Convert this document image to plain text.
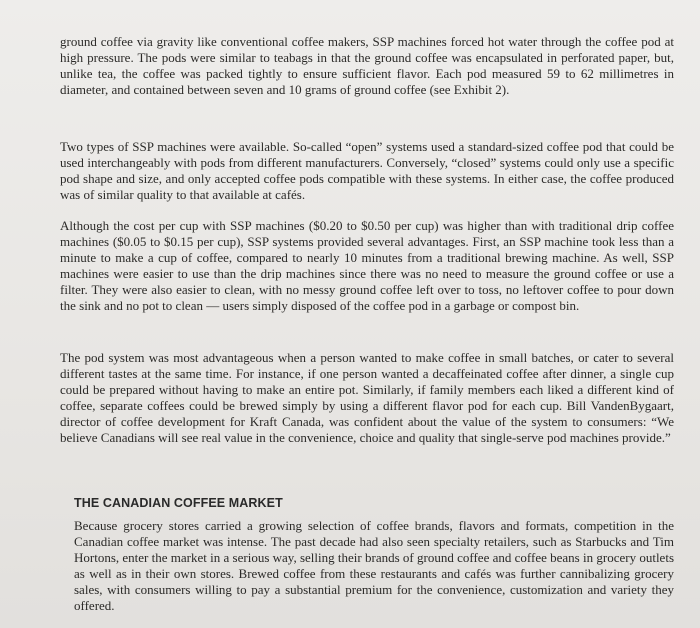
ground coffee via gravity like conventional coffee makers, SSP machines forced hot water through the coffee pod at high pressure. The pods were similar to teabags in that the ground coffee was encapsulated in perforated paper, but, unlike tea, the coffee was packed tightly to ensure sufficient flavor. Each pod measured 59 to 62 millimetres in diameter, and contained between seven and 10 grams of ground coffee (see Exhibit 2).

Two types of SSP machines were available. So-called “open” systems used a standard-sized coffee pod that could be used interchangeably with pods from different manufacturers. Conversely, “closed” systems could only use a specific pod shape and size, and only accepted coffee pods compatible with these systems. In either case, the coffee produced was of similar quality to that available at cafés.

Although the cost per cup with SSP machines ($0.20 to $0.50 per cup) was higher than with traditional drip coffee machines ($0.05 to $0.15 per cup), SSP systems provided several advantages. First, an SSP machine took less than a minute to make a cup of coffee, compared to nearly 10 minutes from a traditional brewing machine. As well, SSP machines were easier to use than the drip machines since there was no need to measure the ground coffee or use a filter. They were also easier to clean, with no messy ground coffee left over to toss, no leftover coffee to pour down the sink and no pot to clean — users simply disposed of the coffee pod in a garbage or compost bin.

The pod system was most advantageous when a person wanted to make coffee in small batches, or cater to several different tastes at the same time. For instance, if one person wanted a decaffeinated coffee after dinner, a single cup could be prepared without having to make an entire pot. Similarly, if family members each liked a different kind of coffee, separate coffees could be brewed simply by using a different flavor pod for each cup. Bill VandenBygaart, director of coffee development for Kraft Canada, was confident about the value of the system to consumers: “We believe Canadians will see real value in the convenience, choice and quality that single-serve pod machines provide.”

THE CANADIAN COFFEE MARKET

Because grocery stores carried a growing selection of coffee brands, flavors and formats, competition in the Canadian coffee market was intense. The past decade had also seen specialty retailers, such as Starbucks and Tim Hortons, enter the market in a serious way, selling their brands of ground coffee and coffee beans in grocery outlets as well as in their own stores. Brewed coffee from these restaurants and cafés was further cannibalizing grocery sales, with consumers willing to pay a substantial premium for the convenience, customization and variety they offered.
